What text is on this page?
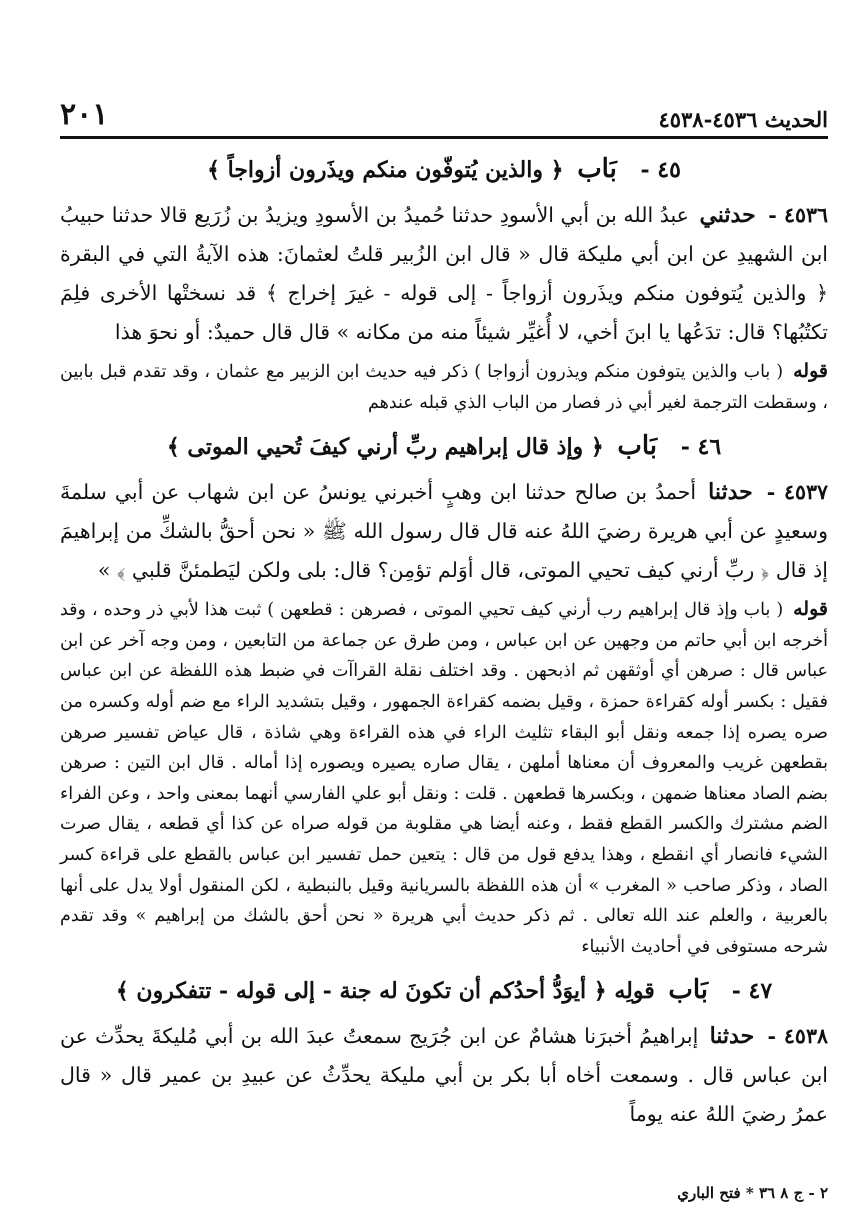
الحديث ٤٥٣٦-٤٥٣٨
٢٠١
٤٥ - بَاب ﴿ والذين يُتوفّون منكم ويذَرون أزواجاً ﴾
٤٥٣٦ - حدثني عبدُ الله بن أبي الأسودِ حدثنا حُميدُ بن الأسودِ ويزيدُ بن زُرَيع قالا حدثنا حبيبُ ابن الشهيدِ عن ابن أبي مليكة قال « قال ابن الزُبير قلتُ لعثمانَ: هذه الآيةُ التي في البقرة ﴿ والذين يُتوفون منكم ويذَرون أزواجاً - إلى قوله - غيرَ إخراج ﴾ قد نسختْها الأخرى فلِمَ تكتُبُها؟ قال: تدَعُها يا ابنَ أخي، لا أُغيِّر شيئاً منه من مكانه » قال قال حميدٌ: أو نحوَ هذا
قوله ( باب والذين يتوفون منكم ويذرون أزواجا ) ذكر فيه حديث ابن الزبير مع عثمان ، وقد تقدم قبل بابين ، وسقطت الترجمة لغير أبي ذر فصار من الباب الذي قبله عندهم
٤٦ - بَاب ﴿ وإذ قال إبراهيم ربِّ أرني كيفَ تُحيي الموتى ﴾
٤٥٣٧ - حدثنا أحمدُ بن صالح حدثنا ابن وهبٍ أخبرني يونسُ عن ابن شهاب عن أبي سلمةَ وسعيدٍ عن أبي هريرة رضيَ اللهُ عنه قال قال رسول الله ﷺ « نحن أحقُّ بالشكِّ من إبراهيمَ إذ قال ﴿ ربِّ أرني كيف تحيي الموتى، قال أوَلم تؤمِن؟ قال: بلى ولكن ليَطمئنَّ قلبي ﴾ »
قوله ( باب وإذ قال إبراهيم رب أرني كيف تحيي الموتى ، فصرهن : قطعهن ) ثبت هذا لأبي ذر وحده ، وقد أخرجه ابن أبي حاتم من وجهين عن ابن عباس ، ومن طرق عن جماعة من التابعين ، ومن وجه آخر عن ابن عباس قال : صرهن أي أوثقهن ثم اذبحهن . وقد اختلف نقلة القراآت في ضبط هذه اللفظة عن ابن عباس فقيل : بكسر أوله كقراءة حمزة ، وقيل بضمه كقراءة الجمهور ، وقيل بتشديد الراء مع ضم أوله وكسره من صره يصره إذا جمعه ونقل أبو البقاء تثليث الراء في هذه القراءة وهي شاذة ، قال عياض تفسير صرهن بقطعهن غريب والمعروف أن معناها أملهن ، يقال صاره يصيره ويصوره إذا أماله . قال ابن التين : صرهن بضم الصاد معناها ضمهن ، وبكسرها قطعهن . قلت : ونقل أبو علي الفارسي أنهما بمعنى واحد ، وعن الفراء الضم مشترك والكسر القطع فقط ، وعنه أيضا هي مقلوبة من قوله صراه عن كذا أي قطعه ، يقال صرت الشيء فانصار أي انقطع ، وهذا يدفع قول من قال : يتعين حمل تفسير ابن عباس بالقطع على قراءة كسر الصاد ، وذكر صاحب « المغرب » أن هذه اللفظة بالسريانية وقيل بالنبطية ، لكن المنقول أولا يدل على أنها بالعربية ، والعلم عند الله تعالى . ثم ذكر حديث أبي هريرة « نحن أحق بالشك من إبراهيم » وقد تقدم شرحه مستوفى في أحاديث الأنبياء
٤٧ - بَاب قولِه ﴿ أيوَدُّ أحدُكم أن تكونَ له جنة - إلى قوله - تتفكرون ﴾
٤٥٣٨ - حدثنا إبراهيمُ أخبرَنا هشامٌ عن ابن جُرَيج سمعتُ عبدَ الله بن أبي مُليكةَ يحدِّث عن ابن عباس قال . وسمعت أخاه أبا بكر بن أبي مليكة يحدِّثُ عن عبيدِ بن عمير قال « قال عمرُ رضيَ اللهُ عنه يوماً
٢ - ج ٨ ٣٦ * فتح الباري
